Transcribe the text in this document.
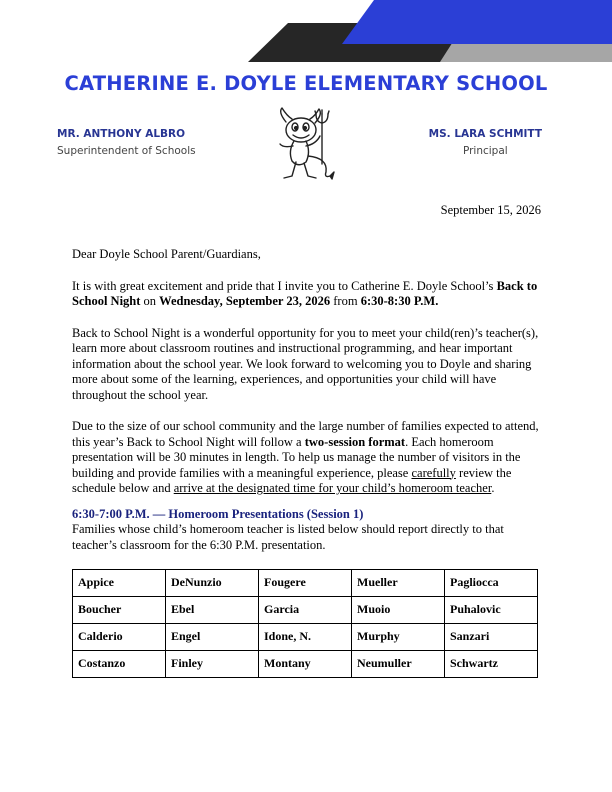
CATHERINE E. DOYLE ELEMENTARY SCHOOL
MR. ANTHONY ALBRO
Superintendent of Schools
MS. LARA SCHMITT
Principal
September 15, 2026

Dear Doyle School Parent/Guardians,

It is with great excitement and pride that I invite you to Catherine E. Doyle School’s Back to School Night on Wednesday, September 23, 2026 from 6:30-8:30 P.M.

Back to School Night is a wonderful opportunity for you to meet your child(ren)’s teacher(s), learn more about classroom routines and instructional programming, and hear important information about the school year. We look forward to welcoming you to Doyle and sharing more about some of the learning, experiences, and opportunities your child will have throughout the school year.

Due to the size of our school community and the large number of families expected to attend, this year’s Back to School Night will follow a two-session format. Each homeroom presentation will be 30 minutes in length. To help us manage the number of visitors in the building and provide families with a meaningful experience, please carefully review the schedule below and arrive at the designated time for your child’s homeroom teacher.

6:30-7:00 P.M. — Homeroom Presentations (Session 1)

Families whose child’s homeroom teacher is listed below should report directly to that teacher’s classroom for the 6:30 P.M. presentation.

Appice	DeNunzio	Fougere	Mueller	Pagliocca
Boucher	Ebel	Garcia	Muoio	Puhalovic
Calderio	Engel	Idone, N.	Murphy	Sanzari
Costanzo	Finley	Montany	Neumuller	Schwartz
